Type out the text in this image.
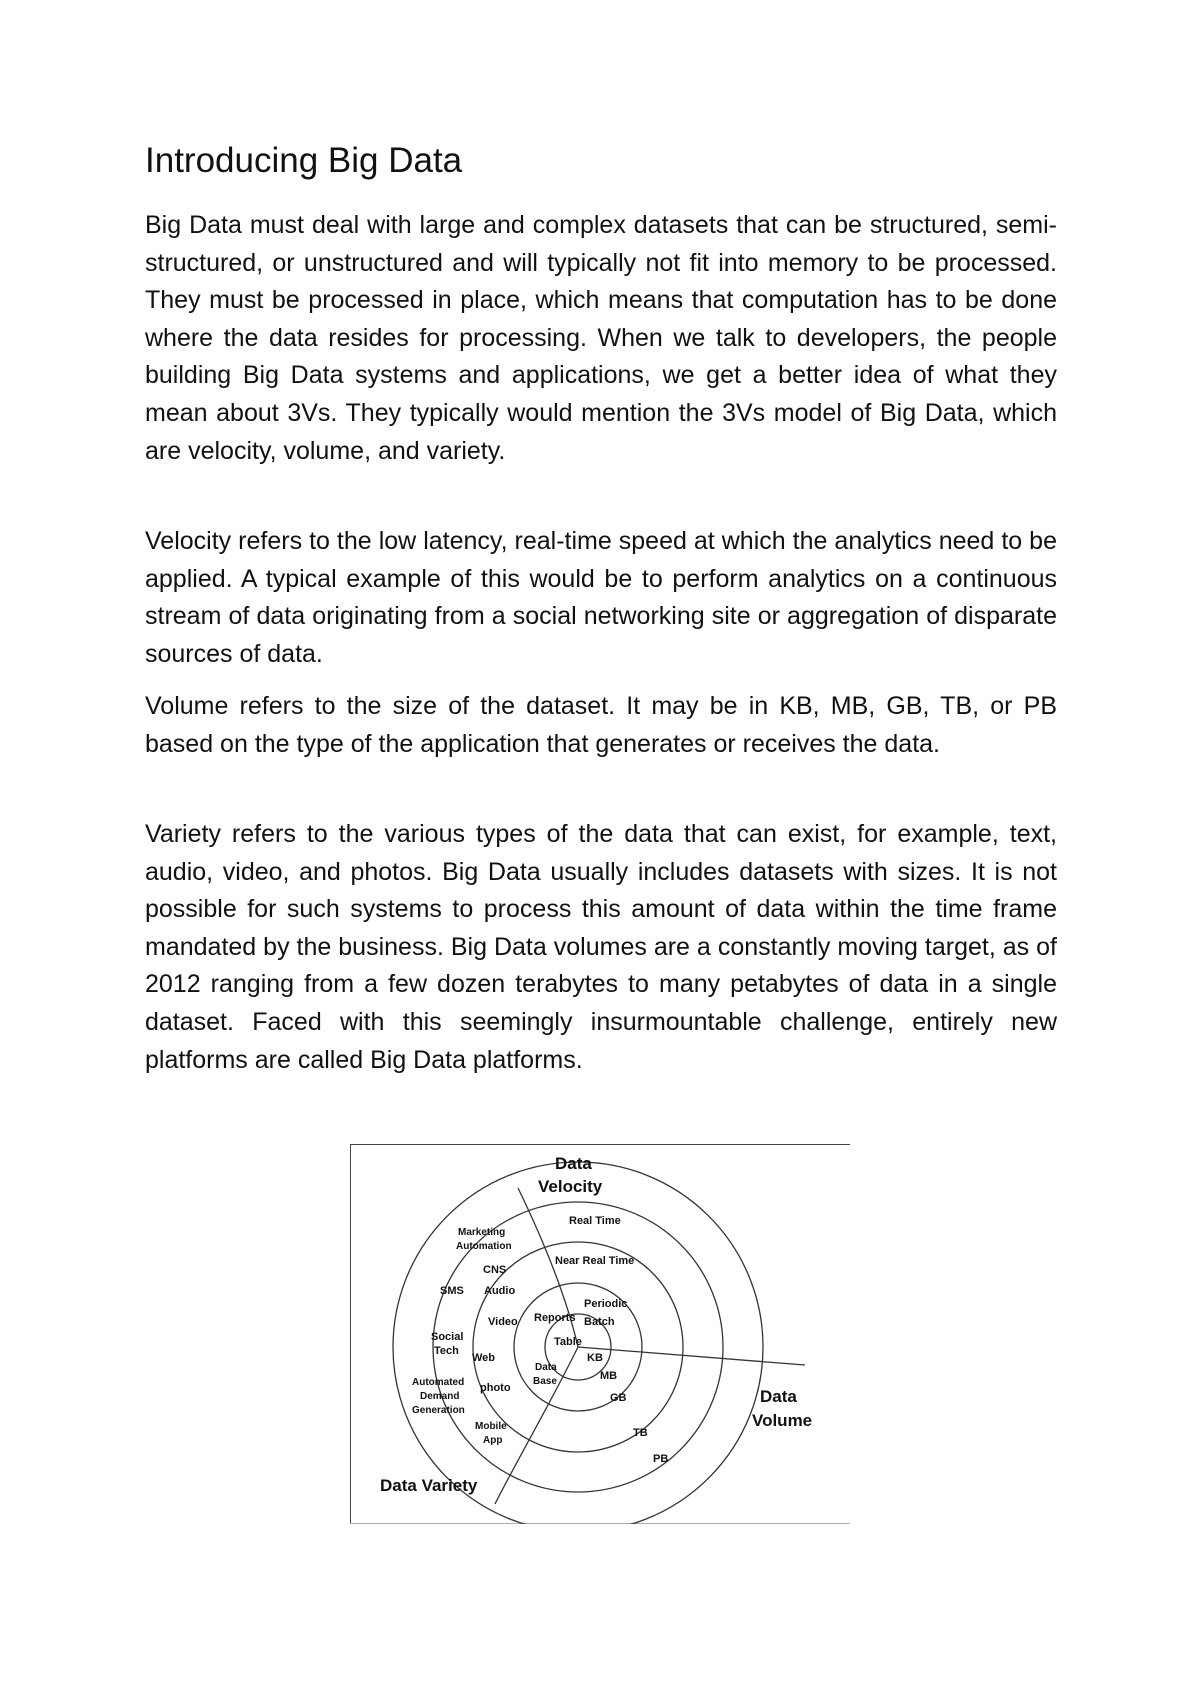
Introducing Big Data

Big Data must deal with large and complex datasets that can be structured, semi-structured, or unstructured and will typically not fit into memory to be processed. They must be processed in place, which means that computation has to be done where the data resides for processing. When we talk to developers, the people building Big Data systems and applications, we get a better idea of what they mean about 3Vs. They typically would mention the 3Vs model of Big Data, which are velocity, volume, and variety.

Velocity refers to the low latency, real-time speed at which the analytics need to be applied. A typical example of this would be to perform analytics on a continuous stream of data originating from a social networking site or aggregation of disparate sources of data.

Volume refers to the size of the dataset. It may be in KB, MB, GB, TB, or PB based on the type of the application that generates or receives the data.

Variety refers to the various types of the data that can exist, for example, text, audio, video, and photos. Big Data usually includes datasets with sizes. It is not possible for such systems to process this amount of data within the time frame mandated by the business. Big Data volumes are a constantly moving target, as of 2012 ranging from a few dozen terabytes to many petabytes of data in a single dataset. Faced with this seemingly insurmountable challenge, entirely new platforms are called Big Data platforms.

Data
Velocity
Data
Volume
Data Variety
Real Time
Near Real Time
Periodic
Batch
KB
MB
GB
TB
PB
Table
Reports
Data
Base
Video
Audio
CNS
Web
photo
Mobile
App
SMS
Social
Tech
Marketing
Automation
Automated
Demand
Generation
